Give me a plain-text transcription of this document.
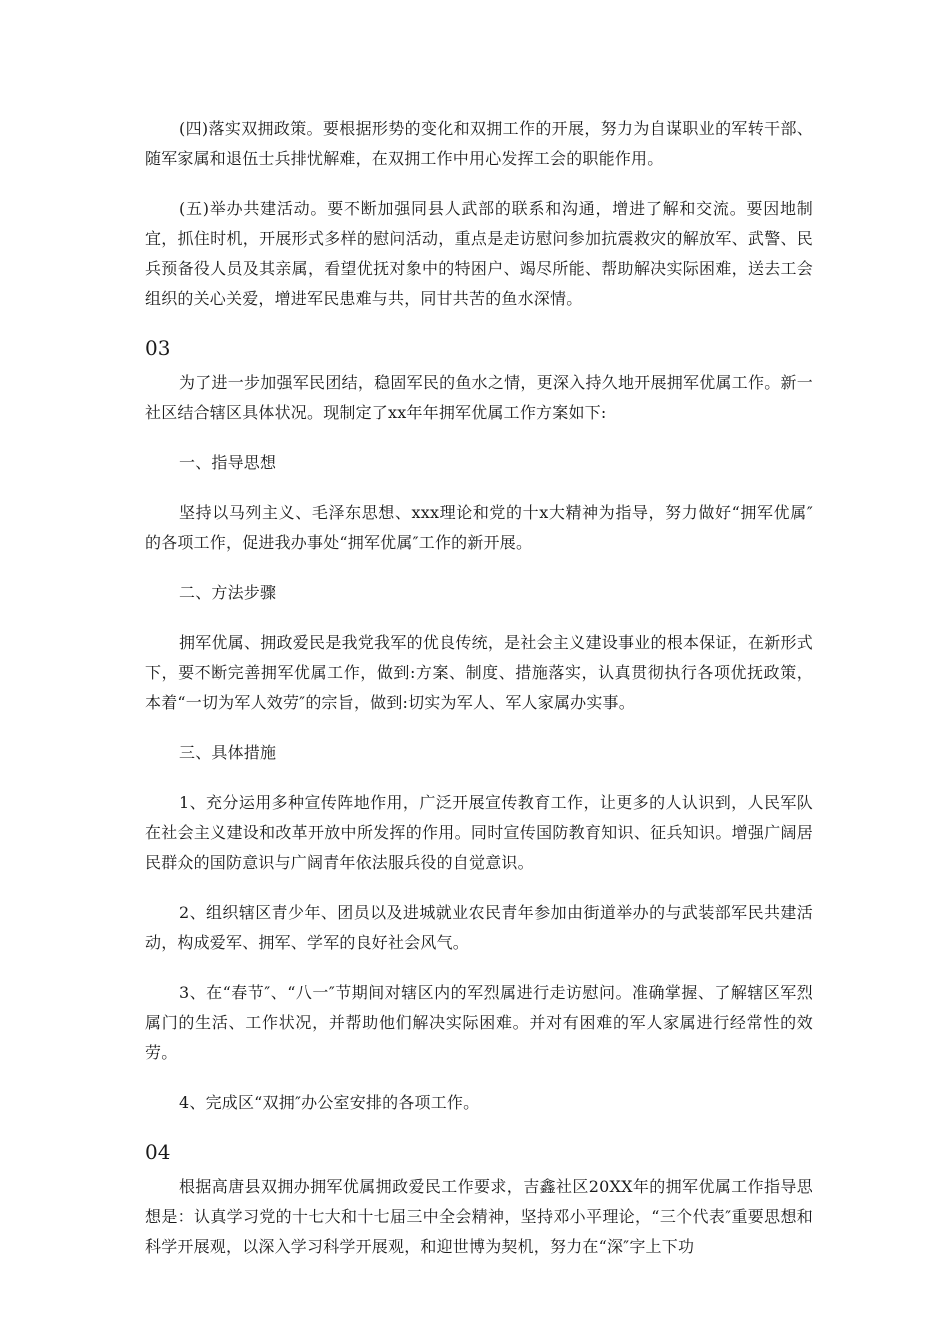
(四)落实双拥政策。要根据形势的变化和双拥工作的开展，努力为自谋职业的军转干部、随军家属和退伍士兵排忧解难，在双拥工作中用心发挥工会的职能作用。

(五)举办共建活动。要不断加强同县人武部的联系和沟通，增进了解和交流。要因地制宜，抓住时机，开展形式多样的慰问活动，重点是走访慰问参加抗震救灾的解放军、武警、民兵预备役人员及其亲属，看望优抚对象中的特困户、竭尽所能、帮助解决实际困难，送去工会组织的关心关爱，增进军民患难与共，同甘共苦的鱼水深情。

03

为了进一步加强军民团结，稳固军民的鱼水之情，更深入持久地开展拥军优属工作。新一社区结合辖区具体状况。现制定了xx年年拥军优属工作方案如下:

一、指导思想

坚持以马列主义、毛泽东思想、xxx理论和党的十x大精神为指导，努力做好“拥军优属″的各项工作，促进我办事处“拥军优属″工作的新开展。

二、方法步骤

拥军优属、拥政爱民是我党我军的优良传统，是社会主义建设事业的根本保证，在新形式下，要不断完善拥军优属工作，做到:方案、制度、措施落实，认真贯彻执行各项优抚政策，本着“一切为军人效劳″的宗旨，做到:切实为军人、军人家属办实事。

三、具体措施

1、充分运用多种宣传阵地作用，广泛开展宣传教育工作，让更多的人认识到，人民军队在社会主义建设和改革开放中所发挥的作用。同时宣传国防教育知识、征兵知识。增强广阔居民群众的国防意识与广阔青年依法服兵役的自觉意识。

2、组织辖区青少年、团员以及进城就业农民青年参加由街道举办的与武装部军民共建活动，构成爱军、拥军、学军的良好社会风气。

3、在“春节″、“八一″节期间对辖区内的军烈属进行走访慰问。准确掌握、了解辖区军烈属门的生活、工作状况，并帮助他们解决实际困难。并对有困难的军人家属进行经常性的效劳。

4、完成区“双拥″办公室安排的各项工作。

04

根据高唐县双拥办拥军优属拥政爱民工作要求，吉鑫社区20XX年的拥军优属工作指导思想是：认真学习党的十七大和十七届三中全会精神，坚持邓小平理论，“三个代表″重要思想和科学开展观，以深入学习科学开展观，和迎世博为契机，努力在“深″字上下功
